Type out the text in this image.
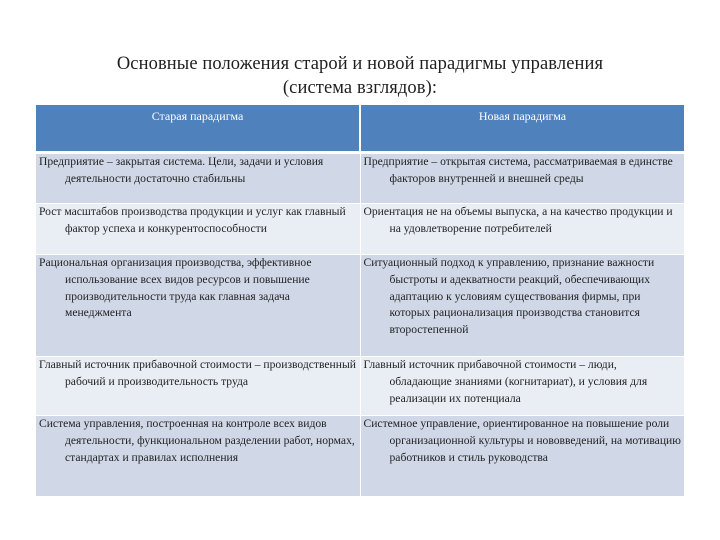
Основные положения старой и новой парадигмы управления
(система взглядов):
Старая парадигма	Новая парадигма

Предприятие – закрытая система. Цели, задачи и условия деятельности достаточно стабильны	Предприятие – открытая система, рассматриваемая в единстве факторов внутренней и внешней среды

Рост масштабов производства продукции и услуг как главный фактор успеха и конкурентоспособности	Ориентация не на объемы выпуска, а на качество продукции и на удовлетворение потребителей

Рациональная организация производства, эффективное использование всех видов ресурсов и повышение производительности труда как главная задача менеджмента	Ситуационный подход к управлению, признание важности быстроты и адекватности реакций, обеспечивающих адаптацию к условиям существования фирмы, при которых рационализация производства становится второстепенной

Главный источник прибавочной стоимости – производственный рабочий и производительность труда	Главный источник прибавочной стоимости – люди, обладающие знаниями (когнитариат), и условия для реализации их потенциала

Система управления, построенная на контроле всех видов деятельности, функциональном разделении работ, нормах, стандартах и правилах исполнения	Системное управление, ориентированное на повышение роли организационной культуры и нововведений, на мотивацию работников и стиль руководства
